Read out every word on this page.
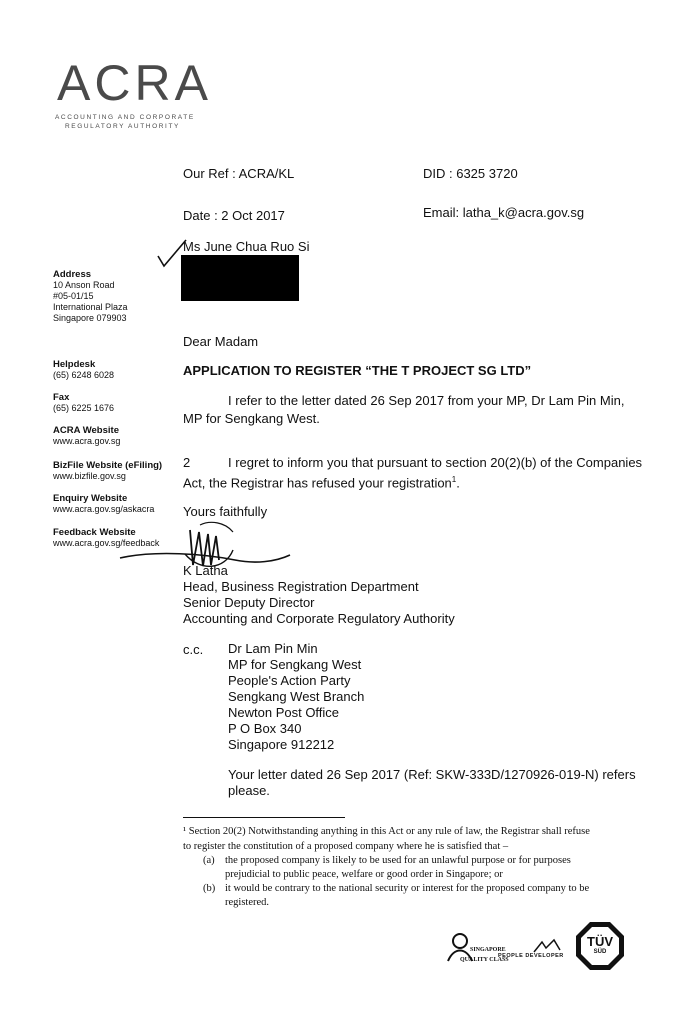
ACRA
ACCOUNTING AND CORPORATE
REGULATORY AUTHORITY
Our Ref : ACRA/KL	DID : 6325 3720
Date : 2 Oct 2017	Email: latha_k@acra.gov.sg
Ms June Chua Ruo Si
Address
10 Anson Road
#05-01/15
International Plaza
Singapore 079903
Helpdesk
(65) 6248 6028
Fax
(65) 6225 1676
ACRA Website
www.acra.gov.sg
BizFile Website (eFiling)
www.bizfile.gov.sg
Enquiry Website
www.acra.gov.sg/askacra
Feedback Website
www.acra.gov.sg/feedback
Dear Madam
APPLICATION TO REGISTER “THE T PROJECT SG LTD”
I refer to the letter dated 26 Sep 2017 from your MP, Dr Lam Pin Min,
MP for Sengkang West.
2	I regret to inform you that pursuant to section 20(2)(b) of the Companies
Act, the Registrar has refused your registration$^1$.
Yours faithfully
K Latha
Head, Business Registration Department
Senior Deputy Director
Accounting and Corporate Regulatory Authority
c.c. Dr Lam Pin Min
MP for Sengkang West
People's Action Party
Sengkang West Branch
Newton Post Office
P O Box 340
Singapore 912212
Your letter dated 26 Sep 2017 (Ref: SKW-333D/1270926-019-N) refers
please.
¹ Section 20(2) Notwithstanding anything in this Act or any rule of law, the Registrar shall refuse
to register the constitution of a proposed company where he is satisfied that –
(a) the proposed company is likely to be used for an unlawful purpose or for purposes
prejudicial to public peace, welfare or good order in Singapore; or
(b) it would be contrary to the national security or interest for the proposed company to be
registered.
SINGAPORE
QUALITY CLASS
PEOPLE DEVELOPER
TÜV
SÜD
